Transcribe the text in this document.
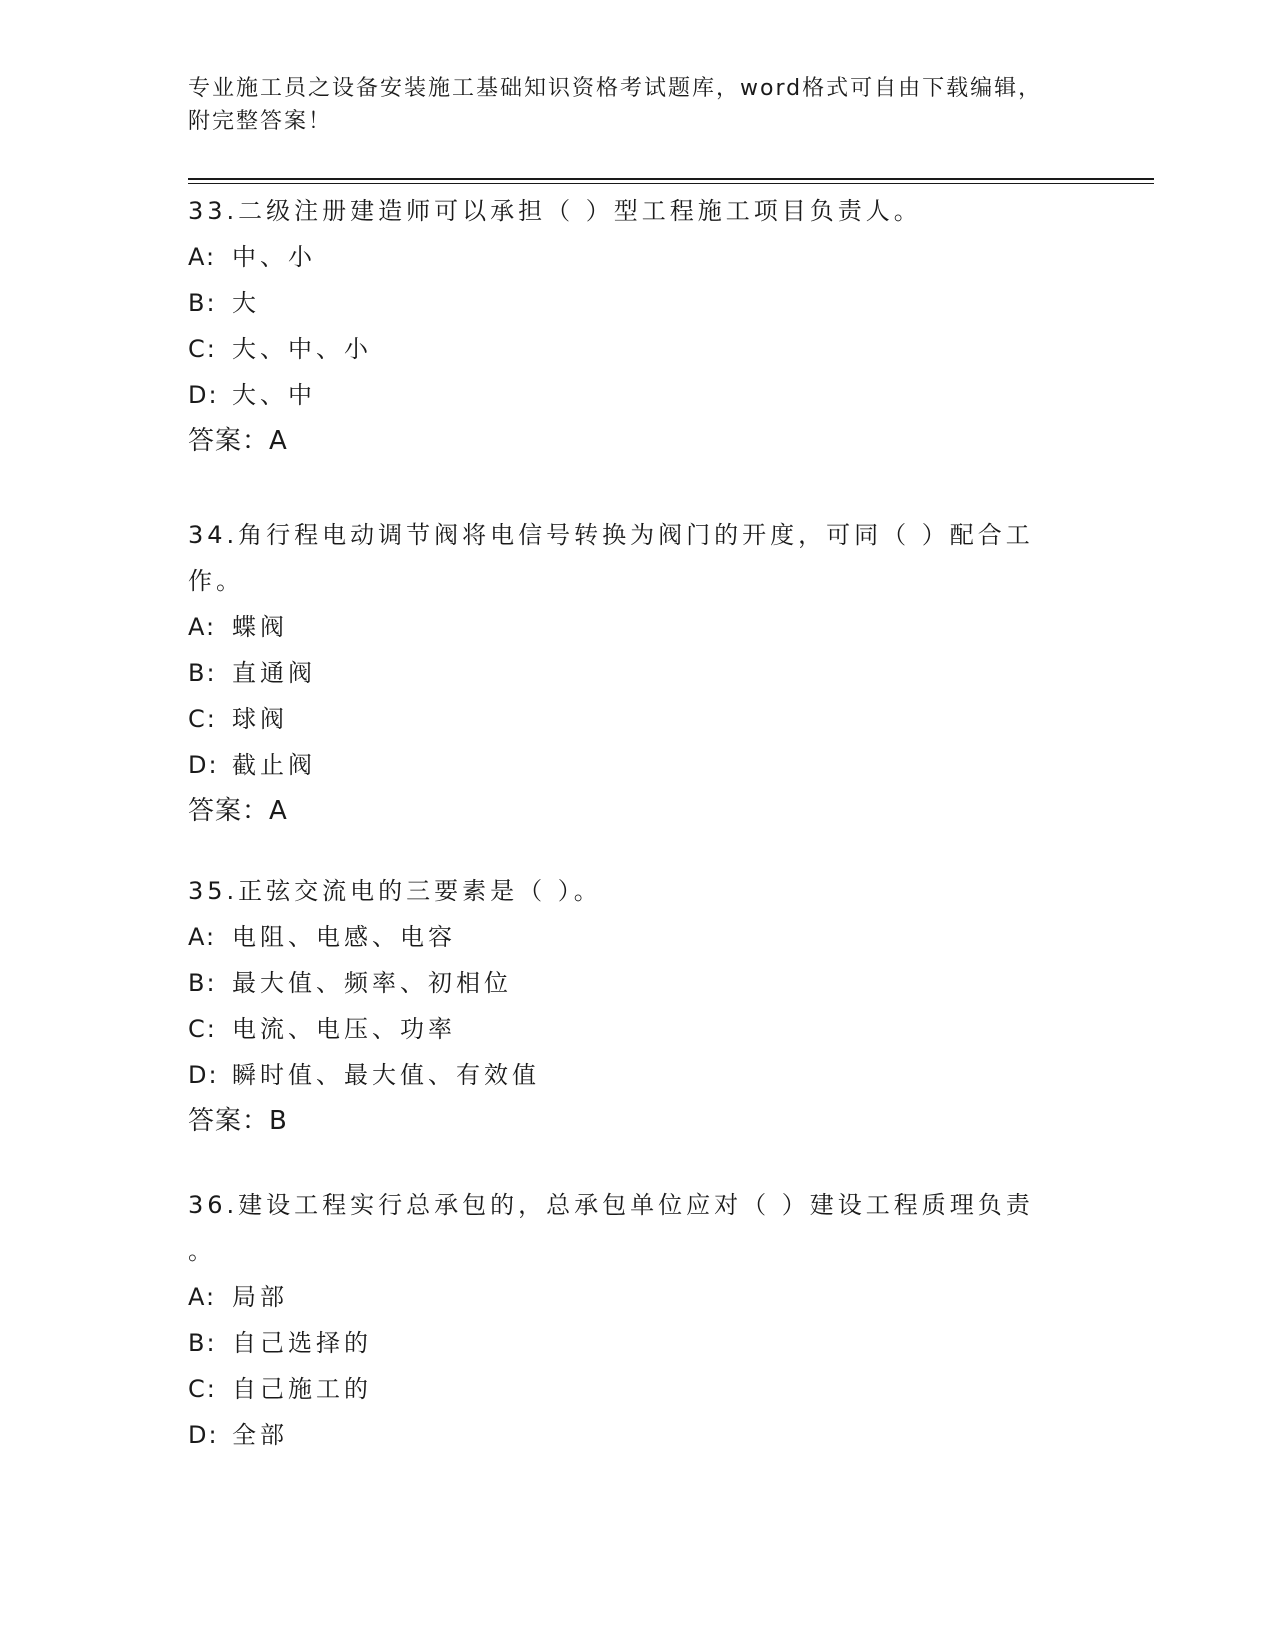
专业施工员之设备安装施工基础知识资格考试题库，word格式可自由下载编辑，
附完整答案！
33.二级注册建造师可以承担（ ）型工程施工项目负责人。
A: 中、小
B: 大
C: 大、中、小
D: 大、中
答案：A
34.角行程电动调节阀将电信号转换为阀门的开度，可同（ ）配合工
作。
A: 蝶阀
B: 直通阀
C: 球阀
D: 截止阀
答案：A
35.正弦交流电的三要素是（ ）。
A: 电阻、电感、电容
B: 最大值、频率、初相位
C: 电流、电压、功率
D: 瞬时值、最大值、有效值
答案：B
36.建设工程实行总承包的，总承包单位应对（ ）建设工程质理负责
。
A: 局部
B: 自己选择的
C: 自己施工的
D: 全部
